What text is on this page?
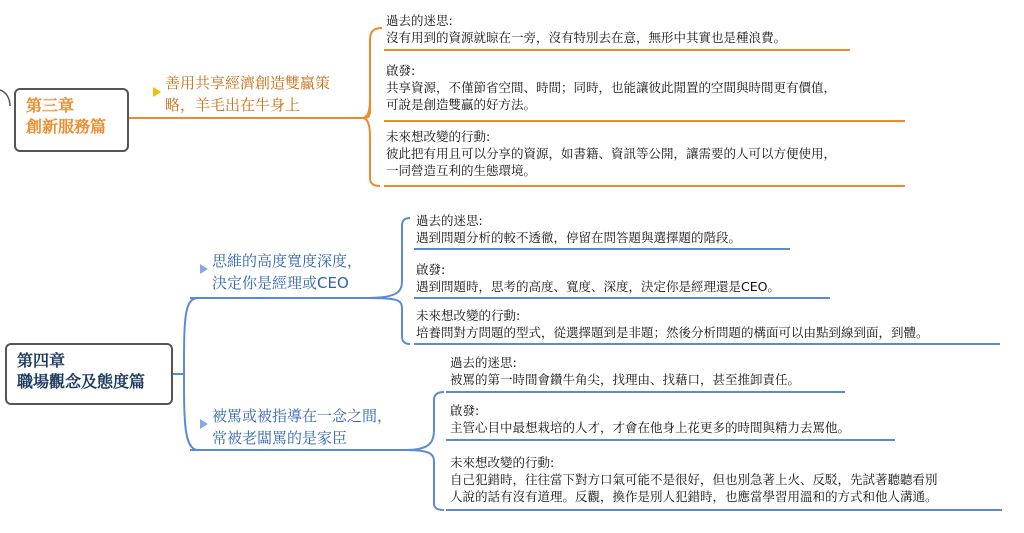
第三章
創新服務篇
善用共享經濟創造雙贏策
略，羊毛出在牛身上
過去的迷思:
沒有用到的資源就晾在一旁，沒有特別去在意，無形中其實也是種浪費。
啟發:
共享資源，不僅節省空間、時間；同時，也能讓彼此閒置的空間與時間更有價值，
可說是創造雙贏的好方法。
未來想改變的行動:
彼此把有用且可以分享的資源，如書籍、資訊等公開，讓需要的人可以方便使用，
一同營造互利的生態環境。
第四章
職場觀念及態度篇
思維的高度寬度深度，
決定你是經理或CEO
過去的迷思:
遇到問題分析的較不透徹，停留在問答題與選擇題的階段。
啟發:
遇到問題時，思考的高度、寬度、深度，決定你是經理還是CEO。
未來想改變的行動:
培養問對方問題的型式，從選擇題到是非題；然後分析問題的構面可以由點到線到面，到體。
被罵或被指導在一念之間，
常被老闆罵的是家臣
過去的迷思:
被罵的第一時間會鑽牛角尖，找理由、找藉口，甚至推卸責任。
啟發:
主管心目中最想栽培的人才，才會在他身上花更多的時間與精力去罵他。
未來想改變的行動:
自己犯錯時，往往當下對方口氣可能不是很好，但也別急著上火、反駁，先試著聽聽看別
人說的話有沒有道理。反觀，換作是別人犯錯時，也應當學習用溫和的方式和他人溝通。
